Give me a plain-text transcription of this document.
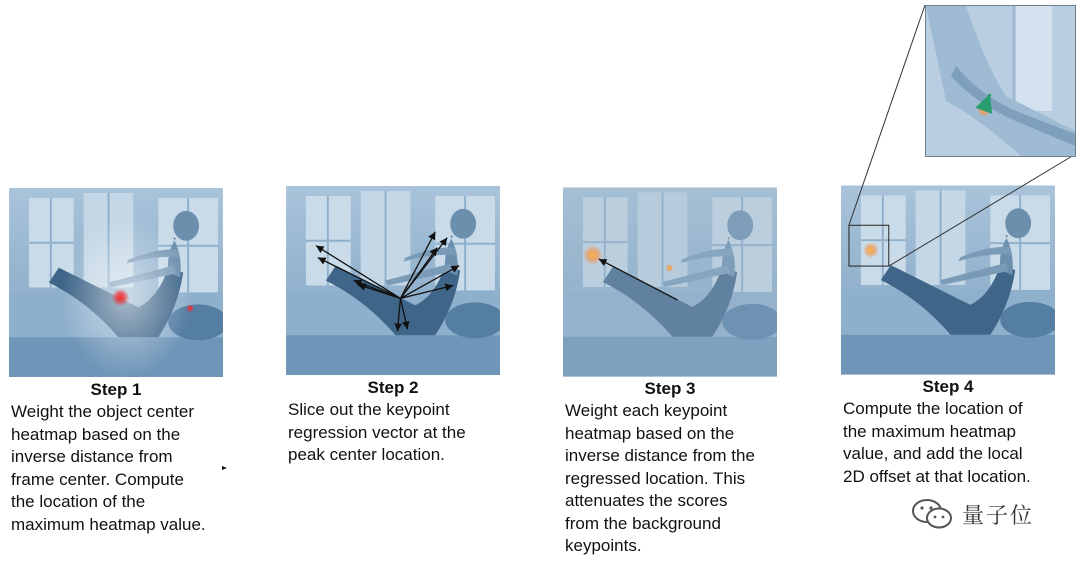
Step 1
Weight the object center
heatmap based on the
inverse distance from
frame center. Compute
the location of the
maximum heatmap value.
Step 2
Slice out the keypoint
regression vector at the
peak center location.
Step 3
Weight each keypoint
heatmap based on the
inverse distance from the
regressed location. This
attenuates the scores
from the background
keypoints.
Step 4
Compute the location of
the maximum heatmap
value, and add the local
2D offset at that location.
量子位
